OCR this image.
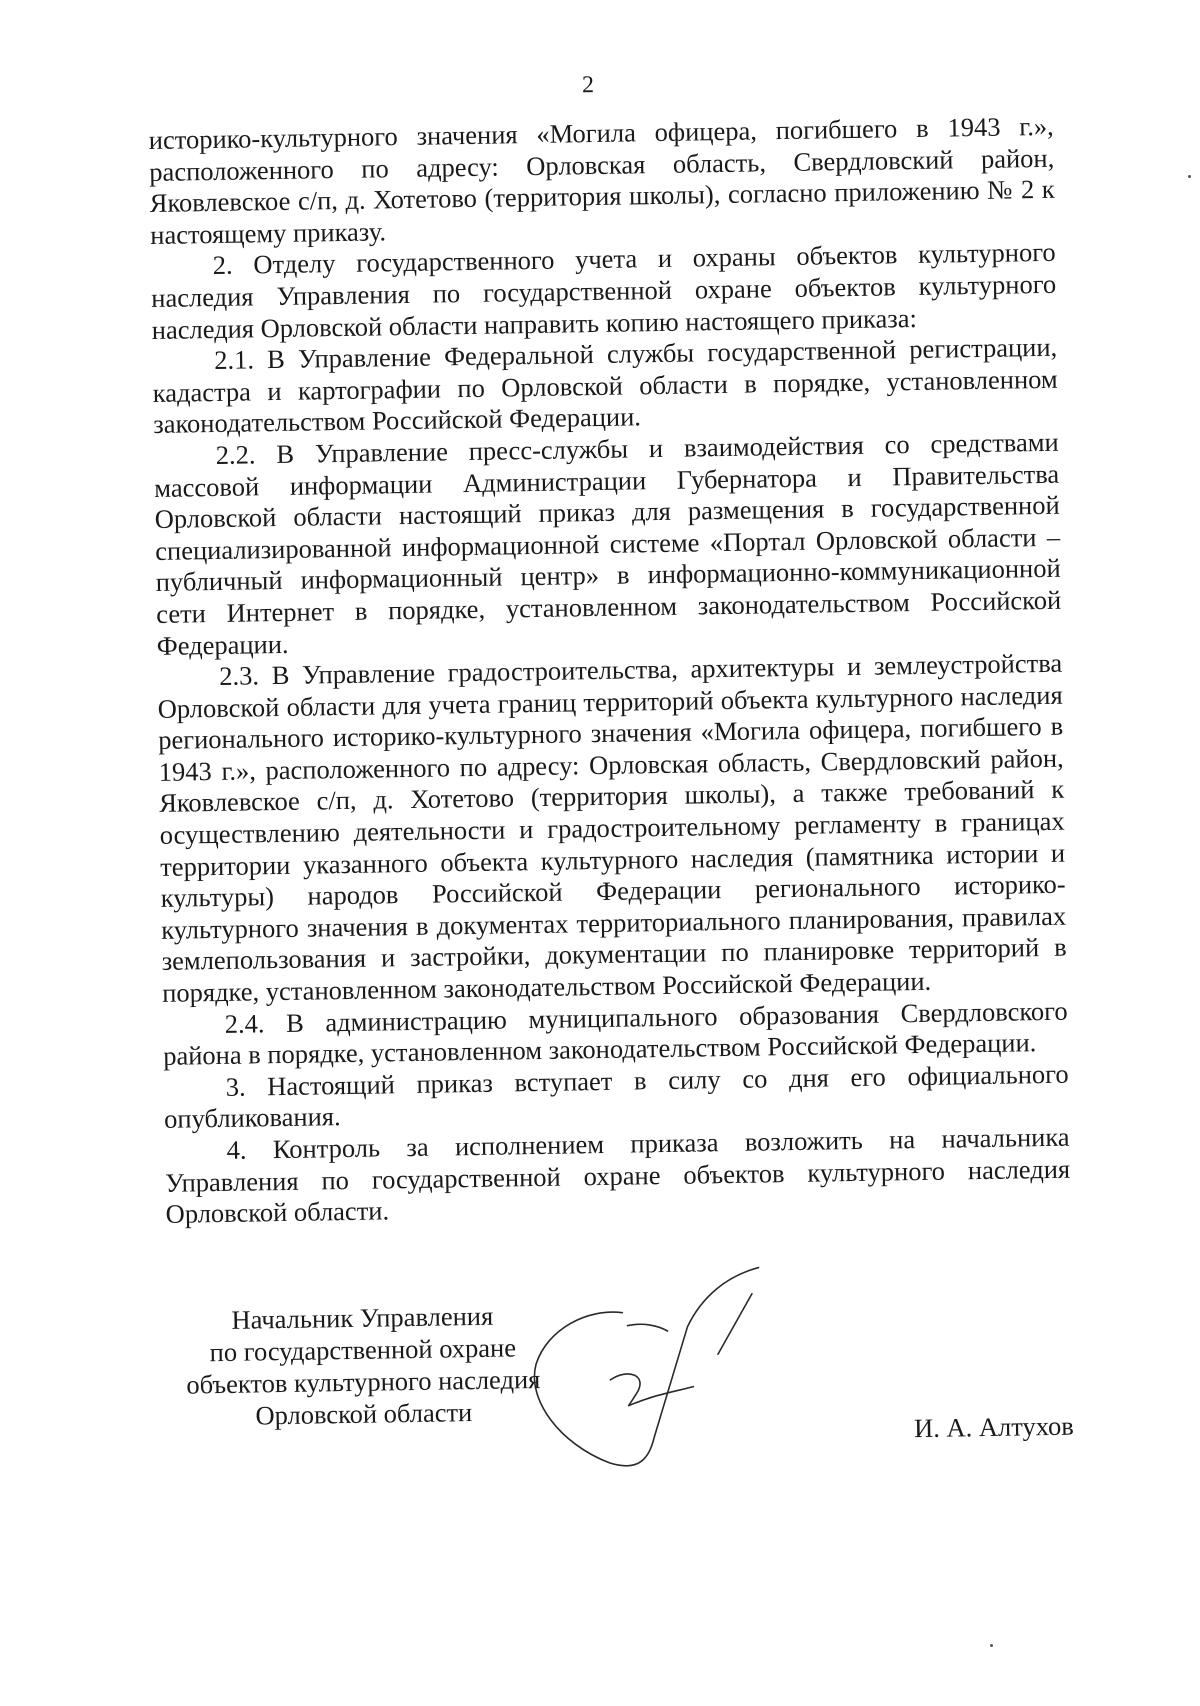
2

историко-культурного значения «Могила офицера, погибшего в 1943 г.», расположенного по адресу: Орловская область, Свердловский район, Яковлевское с/п, д. Хотетово (территория школы), согласно приложению № 2 к настоящему приказу.

2. Отделу государственного учета и охраны объектов культурного наследия Управления по государственной охране объектов культурного наследия Орловской области направить копию настоящего приказа:

2.1. В Управление Федеральной службы государственной регистрации, кадастра и картографии по Орловской области в порядке, установленном законодательством Российской Федерации.

2.2. В Управление пресс-службы и взаимодействия со средствами массовой информации Администрации Губернатора и Правительства Орловской области настоящий приказ для размещения в государственной специализированной информационной системе «Портал Орловской области – публичный информационный центр» в информационно-коммуникационной сети Интернет в порядке, установленном законодательством Российской Федерации.

2.3. В Управление градостроительства, архитектуры и землеустройства Орловской области для учета границ территорий объекта культурного наследия регионального историко-культурного значения «Могила офицера, погибшего в 1943 г.», расположенного по адресу: Орловская область, Свердловский район, Яковлевское с/п, д. Хотетово (территория школы), а также требований к осуществлению деятельности и градостроительному регламенту в границах территории указанного объекта культурного наследия (памятника истории и культуры) народов Российской Федерации регионального историко-культурного значения в документах территориального планирования, правилах землепользования и застройки, документации по планировке территорий в порядке, установленном законодательством Российской Федерации.

2.4. В администрацию муниципального образования Свердловского района в порядке, установленном законодательством Российской Федерации.

3. Настоящий приказ вступает в силу со дня его официального опубликования.

4. Контроль за исполнением приказа возложить на начальника Управления по государственной охране объектов культурного наследия Орловской области.

Начальник Управления
по государственной охране
объектов культурного наследия
Орловской области	И. А. Алтухов
